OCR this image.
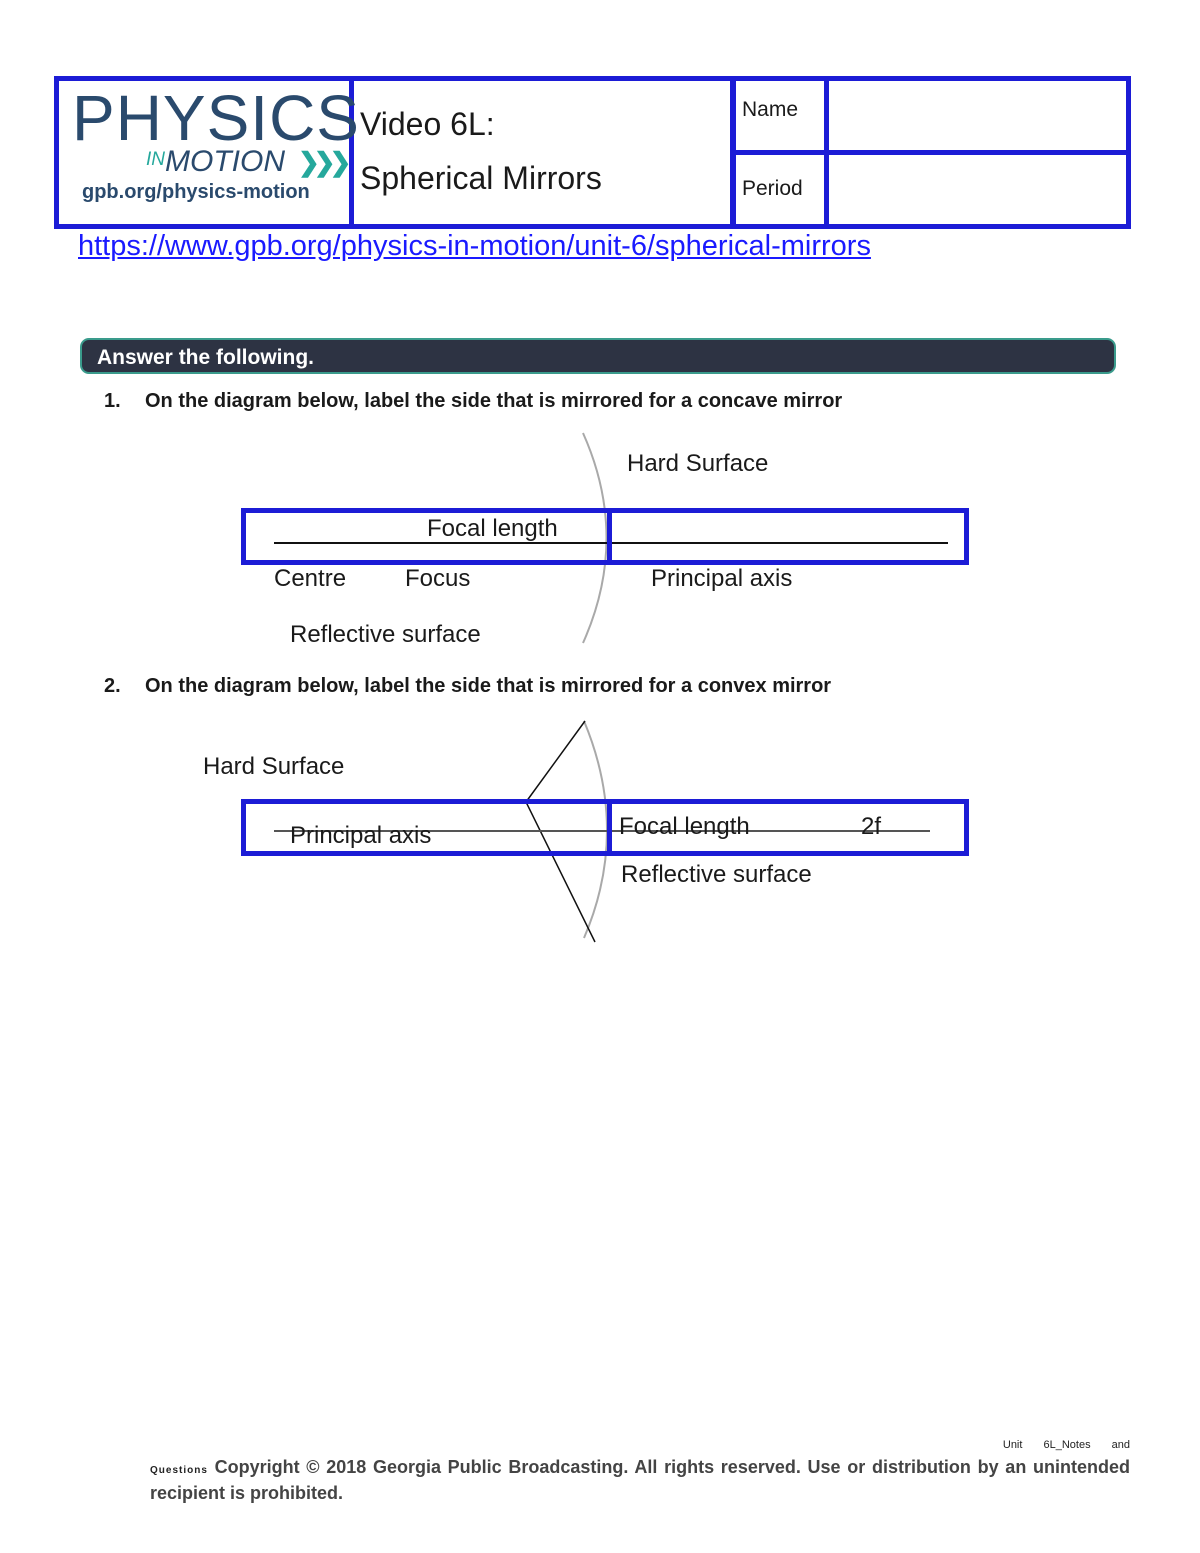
PHYSICS
$^{IN}$MOTION ❯❯❯
gpb.org/physics-motion
Video 6L:
Spherical Mirrors
Name
Period
https://www.gpb.org/physics-in-motion/unit-6/spherical-mirrors
Answer the following.
1. On the diagram below, label the side that is mirrored for a concave mirror
Hard Surface
Focal length
Centre Focus	Principal axis
Reflective surface
2. On the diagram below, label the side that is mirrored for a convex mirror
Hard Surface
Principal axis	Focal length	2f
Reflective surface
Unit 6L_Notes and
Questions Copyright © 2018 Georgia Public Broadcasting. All rights reserved. Use or distribution by an unintended recipient is prohibited.
